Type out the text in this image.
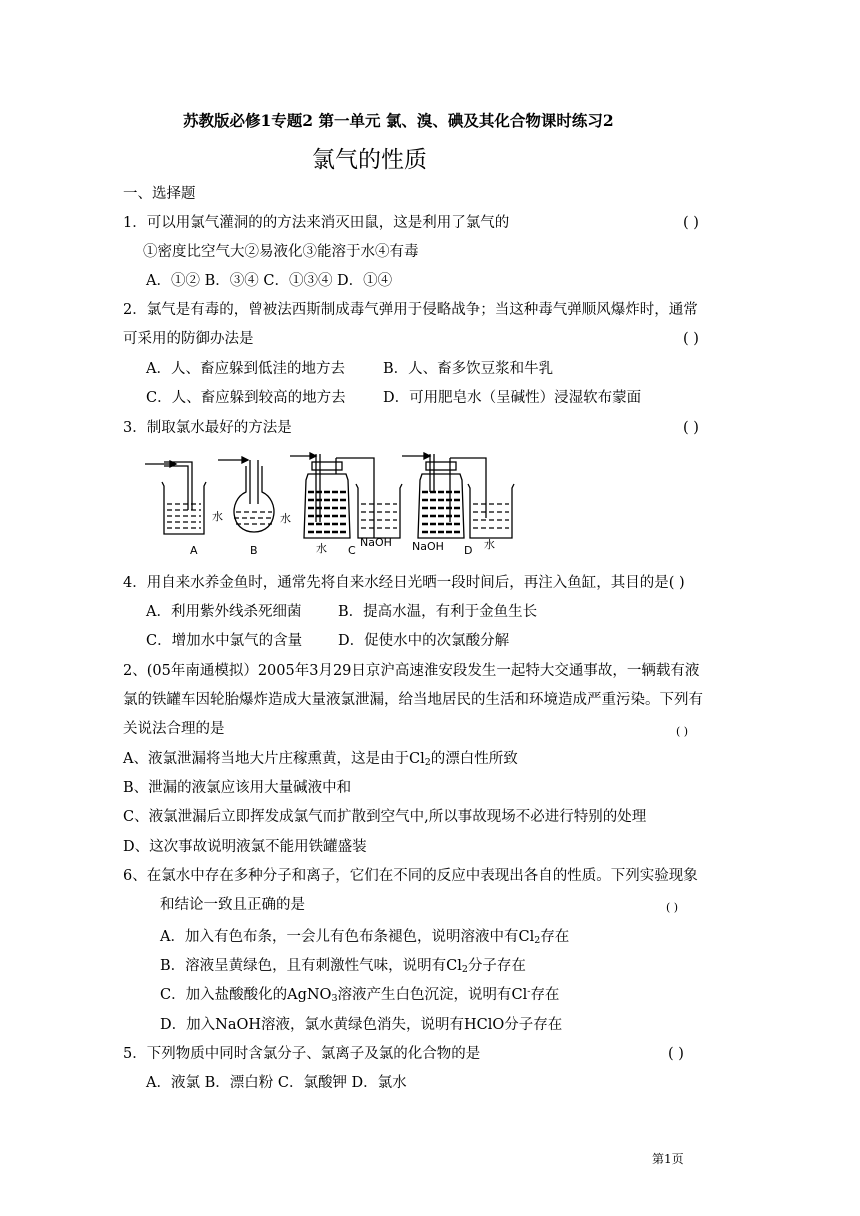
苏教版必修1专题2 第一单元 氯、溴、碘及其化合物课时练习2
氯气的性质
一、选择题
1．可以用氯气灌洞的的方法来消灭田鼠，这是利用了氯气的	( )
①密度比空气大②易液化③能溶于水④有毒
A．①② B．③④ C．①③④ D．①④
2．氯气是有毒的，曾被法西斯制成毒气弹用于侵略战争；当这种毒气弹顺风爆炸时，通常
可采用的防御办法是	( )
A．人、畜应躲到低洼的地方去	B．人、畜多饮豆浆和牛乳
C．人、畜应躲到较高的地方去	D．可用肥皂水（呈碱性）浸湿软布蒙面
3．制取氯水最好的方法是	( )
水	水
水	NaOH NaOH	水
A	B	C	D
4．用自来水养金鱼时，通常先将自来水经日光晒一段时间后，再注入鱼缸，其目的是( )
A．利用紫外线杀死细菌	B．提高水温，有利于金鱼生长
C．增加水中氯气的含量 D．促使水中的次氯酸分解
2、(05年南通模拟）2005年3月29日京沪高速淮安段发生一起特大交通事故，一辆载有液
氯的铁罐车因轮胎爆炸造成大量液氯泄漏，给当地居民的生活和环境造成严重污染。下列有
关说法合理的是	( )
A、液氯泄漏将当地大片庄稼熏黄，这是由于$Cl_2$的漂白性所致
B、泄漏的液氯应该用大量碱液中和
C、液氯泄漏后立即挥发成氯气而扩散到空气中,所以事故现场不必进行特别的处理
D、这次事故说明液氯不能用铁罐盛装
6、在氯水中存在多种分子和离子，它们在不同的反应中表现出各自的性质。下列实验现象
和结论一致且正确的是	( )
A．加入有色布条，一会儿有色布条褪色，说明溶液中有$Cl_2$存在
B．溶液呈黄绿色，且有刺激性气味，说明有$Cl_2$分子存在
C．加入盐酸酸化的AgNO$_3$溶液产生白色沉淀，说明有Cl-存在
D．加入NaOH溶液，氯水黄绿色消失，说明有HClO分子存在
5．下列物质中同时含氯分子、氯离子及氯的化合物的是	( )
A．液氯 B．漂白粉 C．氯酸钾 D．氯水
第1页
